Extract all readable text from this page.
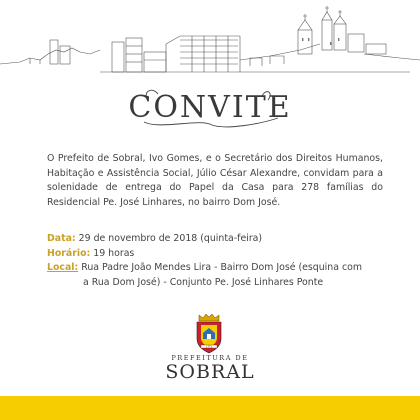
CONVITE
O Prefeito de Sobral, Ivo Gomes, e o Secretário dos Direitos Humanos, Habitação e Assistência Social, Júlio César Alexandre, convidam para a solenidade de entrega do Papel da Casa para 278 famílias do Residencial Pe. José Linhares, no bairro Dom José.
Data: 29 de novembro de 2018 (quinta-feira)
Horário: 19 horas
Local: Rua Padre João Mendes Lira - Bairro Dom José (esquina com
a Rua Dom José) - Conjunto Pe. José Linhares Ponte
1773
PREFEITURA DE
SOBRAL
